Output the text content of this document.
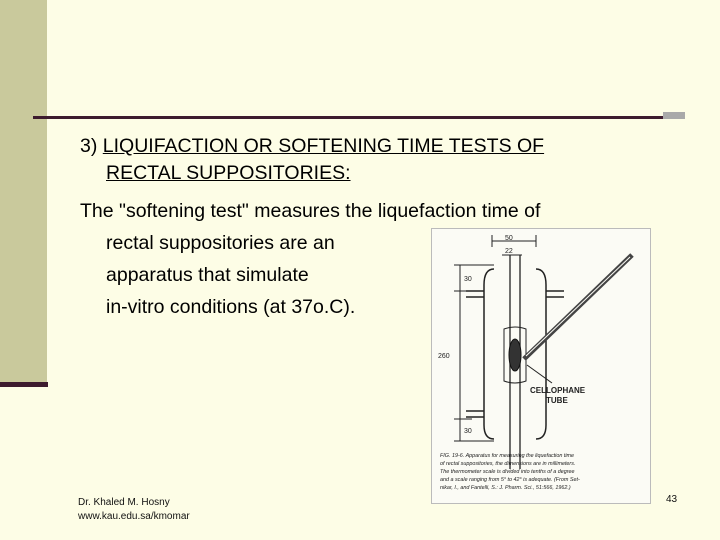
3) LIQUIFACTION OR SOFTENING TIME TESTS OF
RECTAL SUPPOSITORIES:
The "softening test" measures the liquefaction time of
rectal suppositories are an
apparatus that simulate
in-vitro conditions (at 37o.C).
50
22
30
260
30
CELLOPHANE
TUBE
FIG. 19-6. Apparatus for measuring the liquefaction time
of rectal suppositories, the dimensions are in millimeters.
The thermometer scale is divided into tenths of a degree
and a scale ranging from 5° to 42° is adequate. (From Set-
nikar, I., and Fantelli, S.: J. Pharm. Sci., 51:566, 1962.)
Dr. Khaled M. Hosny
www.kau.edu.sa/kmomar
43
